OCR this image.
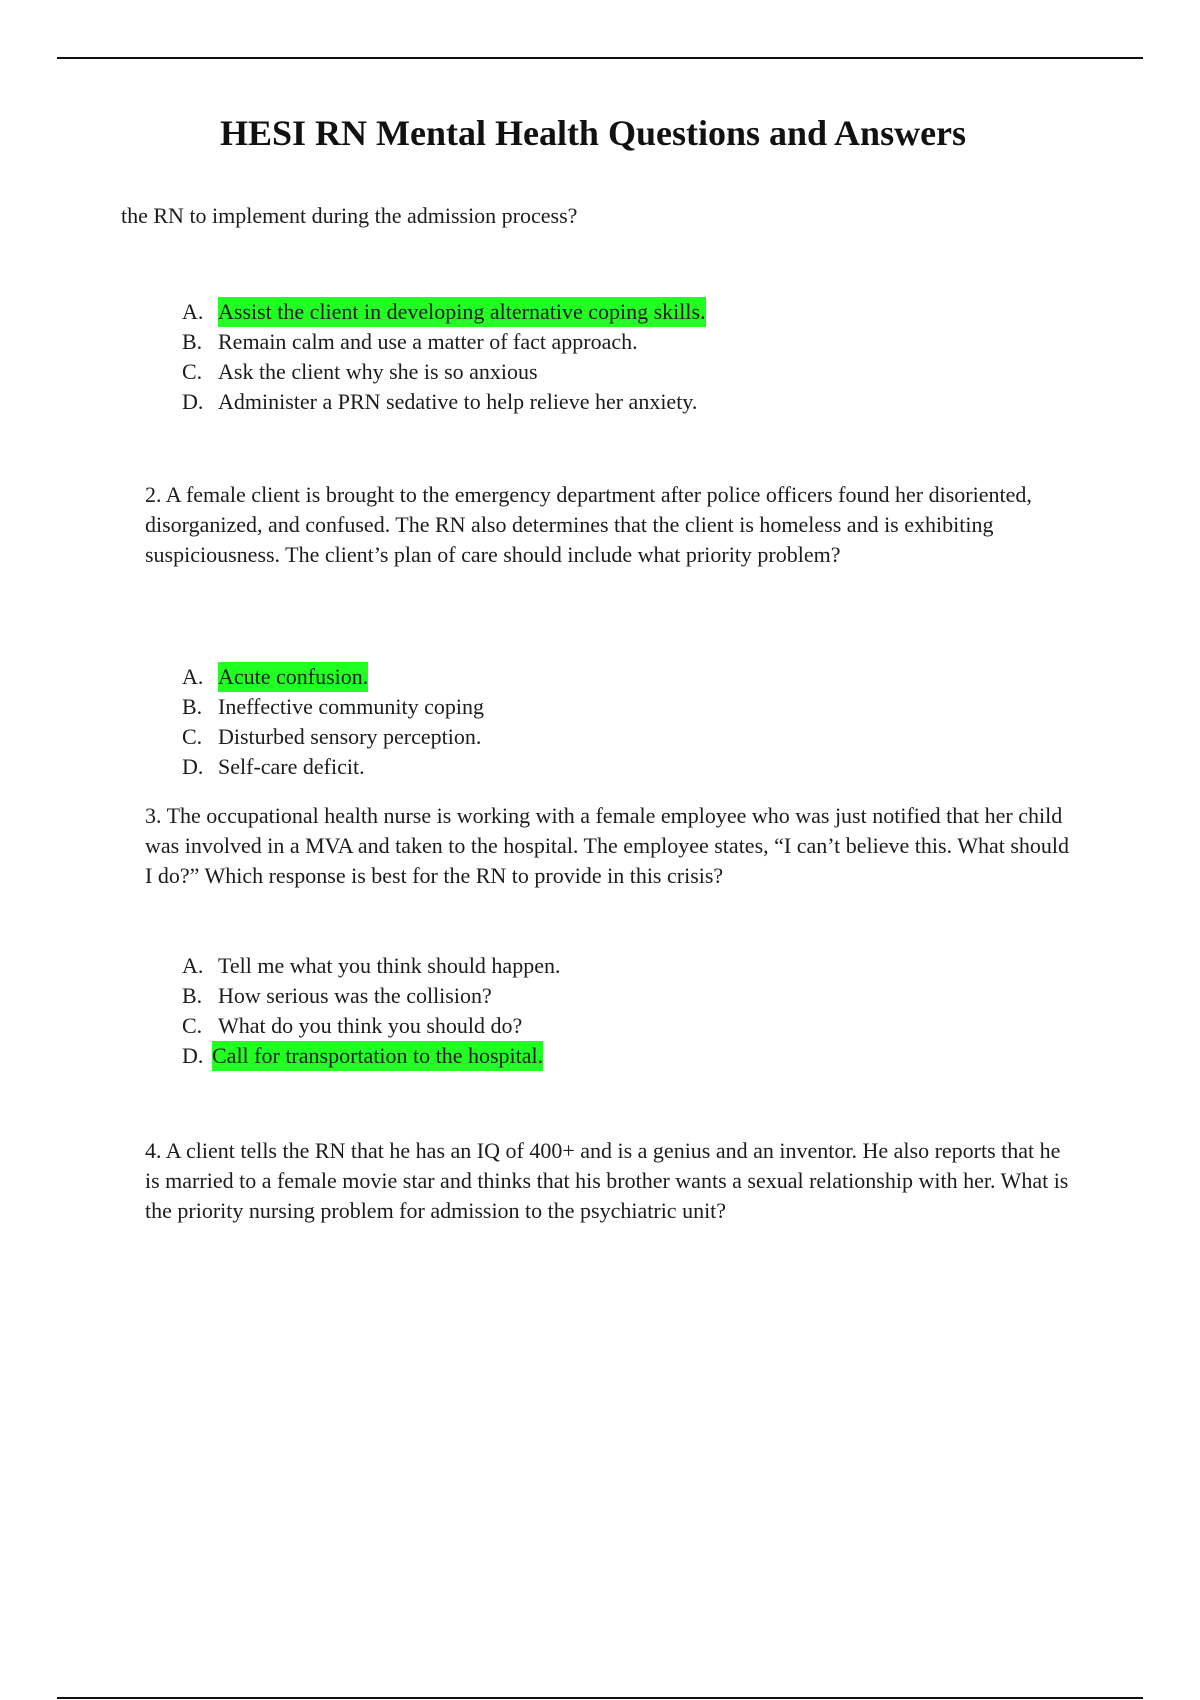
HESI RN Mental Health Questions and Answers
the RN to implement during the admission process?
A. Assist the client in developing alternative coping skills.
B. Remain calm and use a matter of fact approach.
C. Ask the client why she is so anxious
D. Administer a PRN sedative to help relieve her anxiety.
2. A female client is brought to the emergency department after police officers found her disoriented, disorganized, and confused. The RN also determines that the client is homeless and is exhibiting suspiciousness. The client’s plan of care should include what priority problem?
A. Acute confusion.
B. Ineffective community coping
C. Disturbed sensory perception.
D. Self-care deficit.
3. The occupational health nurse is working with a female employee who was just notified that her child was involved in a MVA and taken to the hospital. The employee states, “I can’t believe this. What should I do?” Which response is best for the RN to provide in this crisis?
A. Tell me what you think should happen.
B. How serious was the collision?
C. What do you think you should do?
D. Call for transportation to the hospital.
4. A client tells the RN that he has an IQ of 400+ and is a genius and an inventor. He also reports that he is married to a female movie star and thinks that his brother wants a sexual relationship with her. What is the priority nursing problem for admission to the psychiatric unit?
